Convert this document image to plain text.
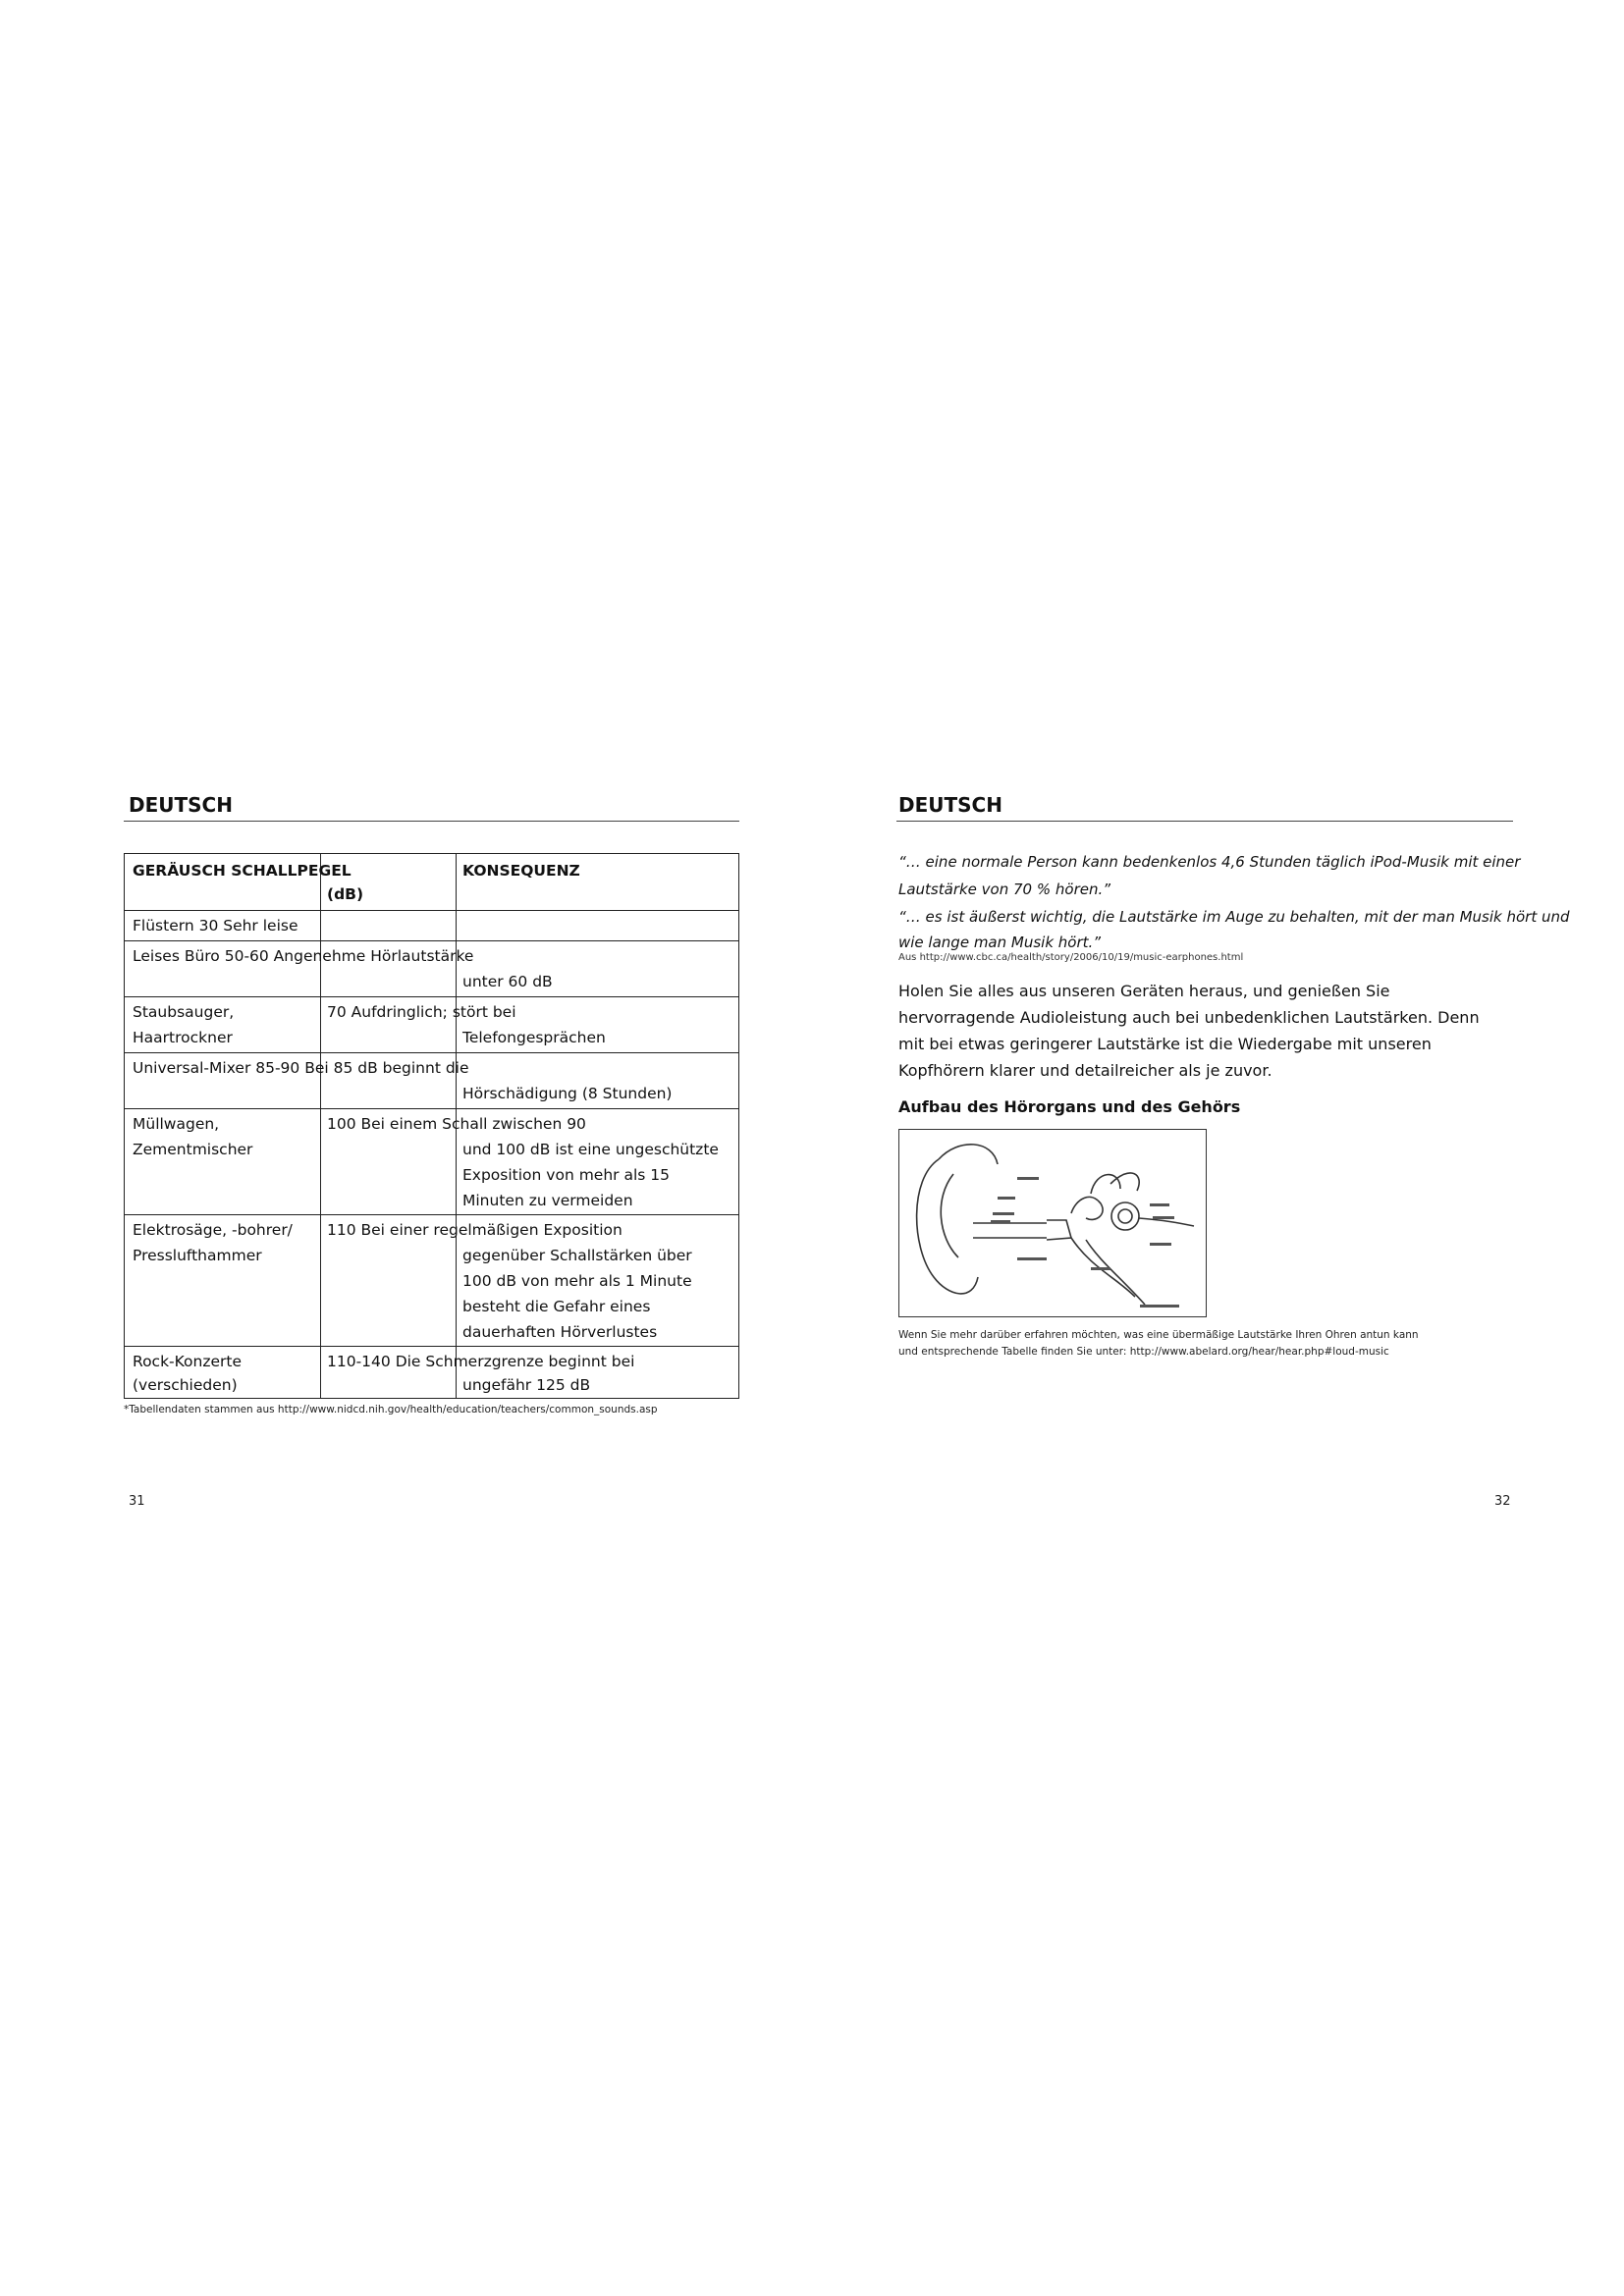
DEUTSCH
GERÄUSCH SCHALLPEGEL
(dB)
KONSEQUENZ
Flüstern 30 Sehr leise
Leises Büro 50-60 Angenehme Hörlautstärke
unter 60 dB
Staubsauger,
Haartrockner
70 Aufdringlich; stört bei
Telefongesprächen
Universal-Mixer 85-90 Bei 85 dB beginnt die
Hörschädigung (8 Stunden)
Müllwagen,
Zementmischer
100 Bei einem Schall zwischen 90
und 100 dB ist eine ungeschützte
Exposition von mehr als 15
Minuten zu vermeiden
Elektrosäge, -bohrer/
Presslufthammer
110 Bei einer regelmäßigen Exposition
gegenüber Schallstärken über
100 dB von mehr als 1 Minute
besteht die Gefahr eines
dauerhaften Hörverlustes
Rock-Konzerte
(verschieden)
110-140 Die Schmerzgrenze beginnt bei
ungefähr 125 dB
*Tabellendaten stammen aus http://www.nidcd.nih.gov/health/education/teachers/common_sounds.asp
31
DEUTSCH
“… eine normale Person kann bedenkenlos 4,6 Stunden täglich iPod-Musik mit einer
Lautstärke von 70 % hören.”
“… es ist äußerst wichtig, die Lautstärke im Auge zu behalten, mit der man Musik hört und
wie lange man Musik hört.”
Aus http://www.cbc.ca/health/story/2006/10/19/music-earphones.html
Holen Sie alles aus unseren Geräten heraus, und genießen Sie hervorragende Audioleistung auch bei unbedenklichen Lautstärken. Denn mit bei etwas geringerer Lautstärke ist die Wiedergabe mit unseren Kopfhörern klarer und detailreicher als je zuvor.
Aufbau des Hörorgans und des Gehörs
Wenn Sie mehr darüber erfahren möchten, was eine übermäßige Lautstärke Ihren Ohren antun kann
und entsprechende Tabelle finden Sie unter: http://www.abelard.org/hear/hear.php#loud-music
32
